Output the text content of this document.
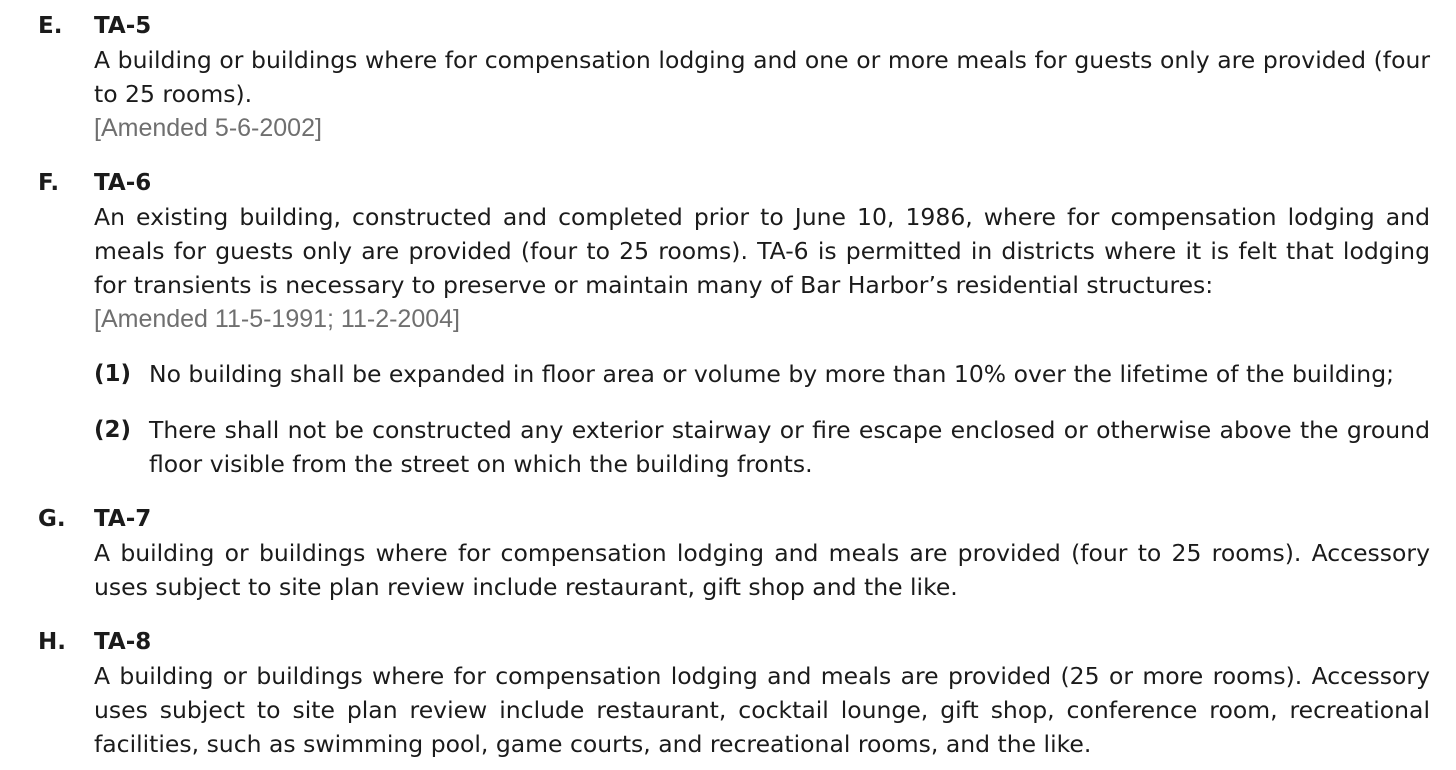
E. TA-5
A building or buildings where for compensation lodging and one or more meals for guests only are provided (four to 25 rooms).
[Amended 5-6-2002]
F. TA-6
An existing building, constructed and completed prior to June 10, 1986, where for compensation lodging and meals for guests only are provided (four to 25 rooms). TA-6 is permitted in districts where it is felt that lodging for transients is necessary to preserve or maintain many of Bar Harbor’s residential structures:
[Amended 11-5-1991; 11-2-2004]
(1) No building shall be expanded in floor area or volume by more than 10% over the lifetime of the building;
(2) There shall not be constructed any exterior stairway or fire escape enclosed or otherwise above the ground floor visible from the street on which the building fronts.
G. TA-7
A building or buildings where for compensation lodging and meals are provided (four to 25 rooms). Accessory uses subject to site plan review include restaurant, gift shop and the like.
H. TA-8
A building or buildings where for compensation lodging and meals are provided (25 or more rooms). Accessory uses subject to site plan review include restaurant, cocktail lounge, gift shop, conference room, recreational facilities, such as swimming pool, game courts, and recreational rooms, and the like.
